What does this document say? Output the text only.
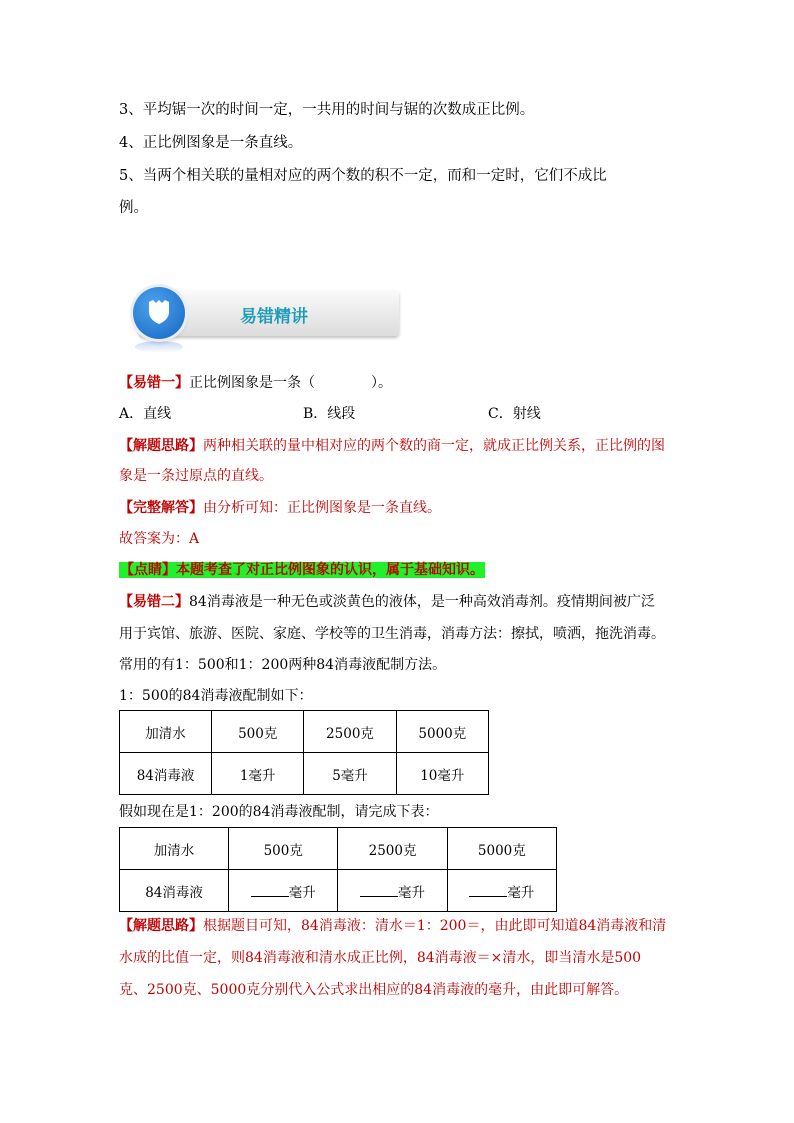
3、平均锯一次的时间一定，一共用的时间与锯的次数成正比例。
4、正比例图象是一条直线。
5、当两个相关联的量相对应的两个数的积不一定，而和一定时，它们不成比
例。
易错精讲
【易错一】正比例图象是一条（　　　　）。
A．直线	B．线段	C．射线
【解题思路】两种相关联的量中相对应的两个数的商一定，就成正比例关系，正比例的图
象是一条过原点的直线。
【完整解答】由分析可知：正比例图象是一条直线。
故答案为：A
【点睛】本题考查了对正比例图象的认识，属于基础知识。
【易错二】84消毒液是一种无色或淡黄色的液体，是一种高效消毒剂。疫情期间被广泛
用于宾馆、旅游、医院、家庭、学校等的卫生消毒，消毒方法：擦拭，喷洒，拖洗消毒。
常用的有1：500和1：200两种84消毒液配制方法。
1：500的84消毒液配制如下：
加清水	500克	2500克	5000克
84消毒液	1毫升	5毫升	10毫升
假如现在是1：200的84消毒液配制，请完成下表：
加清水	500克	2500克	5000克
84消毒液	毫升	毫升	毫升
【解题思路】根据题目可知，84消毒液：清水＝1：200＝，由此即可知道84消毒液和清
水成的比值一定，则84消毒液和清水成正比例，84消毒液＝×清水，即当清水是500
克、2500克、5000克分别代入公式求出相应的84消毒液的毫升，由此即可解答。
